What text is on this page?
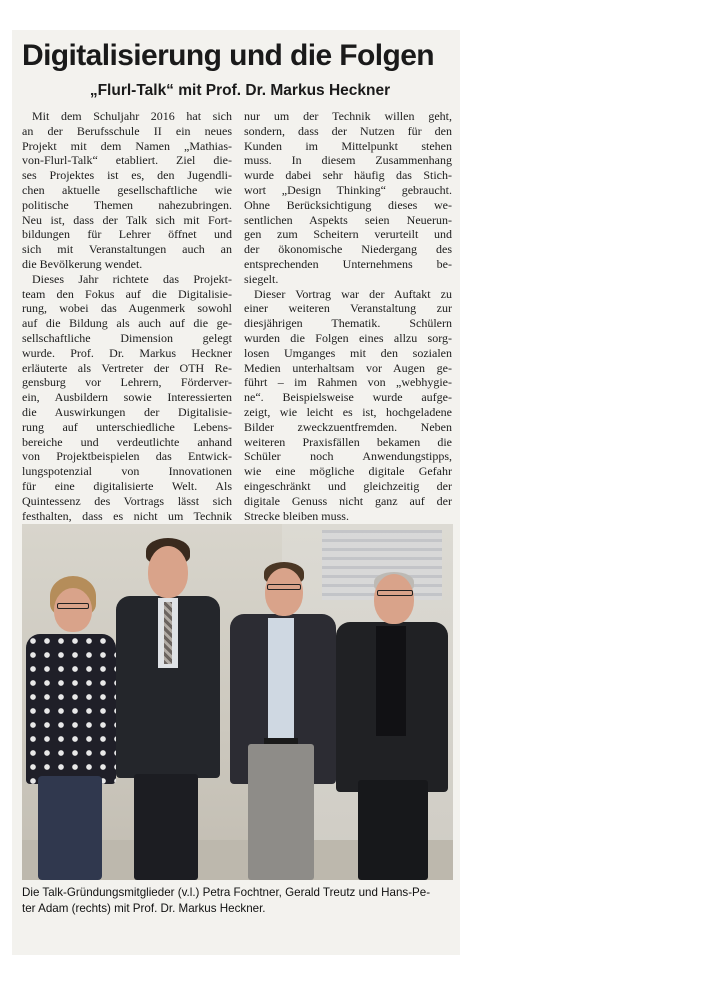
Digitalisierung und die Folgen
„Flurl-Talk“ mit Prof. Dr. Markus Heckner
Mit dem Schuljahr 2016 hat sich
an der Berufsschule II ein neues
Projekt mit dem Namen „Mathias-
von-Flurl-Talk“ etabliert. Ziel die-
ses Projektes ist es, den Jugendli-
chen aktuelle gesellschaftliche wie
politische Themen nahezubringen.
Neu ist, dass der Talk sich mit Fort-
bildungen für Lehrer öffnet und
sich mit Veranstaltungen auch an
die Bevölkerung wendet.
Dieses Jahr richtete das Projekt-
team den Fokus auf die Digitalisie-
rung, wobei das Augenmerk sowohl
auf die Bildung als auch auf die ge-
sellschaftliche Dimension gelegt
wurde. Prof. Dr. Markus Heckner
erläuterte als Vertreter der OTH Re-
gensburg vor Lehrern, Förderver-
ein, Ausbildern sowie Interessierten
die Auswirkungen der Digitalisie-
rung auf unterschiedliche Lebens-
bereiche und verdeutlichte anhand
von Projektbeispielen das Entwick-
lungspotenzial von Innovationen
für eine digitalisierte Welt. Als
Quintessenz des Vortrags lässt sich
festhalten, dass es nicht um Technik
nur um der Technik willen geht,
sondern, dass der Nutzen für den
Kunden im Mittelpunkt stehen
muss. In diesem Zusammenhang
wurde dabei sehr häufig das Stich-
wort „Design Thinking“ gebraucht.
Ohne Berücksichtigung dieses we-
sentlichen Aspekts seien Neuerun-
gen zum Scheitern verurteilt und
der ökonomische Niedergang des
entsprechenden Unternehmens be-
siegelt.
Dieser Vortrag war der Auftakt zu
einer weiteren Veranstaltung zur
diesjährigen Thematik. Schülern
wurden die Folgen eines allzu sorg-
losen Umganges mit den sozialen
Medien unterhaltsam vor Augen ge-
führt – im Rahmen von „webhygie-
ne“. Beispielsweise wurde aufge-
zeigt, wie leicht es ist, hochgeladene
Bilder zweckzuentfremden. Neben
weiteren Praxisfällen bekamen die
Schüler noch Anwendungstipps,
wie eine mögliche digitale Gefahr
eingeschränkt und gleichzeitig der
digitale Genuss nicht ganz auf der
Strecke bleiben muss.
Die Talk-Gründungsmitglieder (v.l.) Petra Fochtner, Gerald Treutz und Hans-Pe-
ter Adam (rechts) mit Prof. Dr. Markus Heckner.
